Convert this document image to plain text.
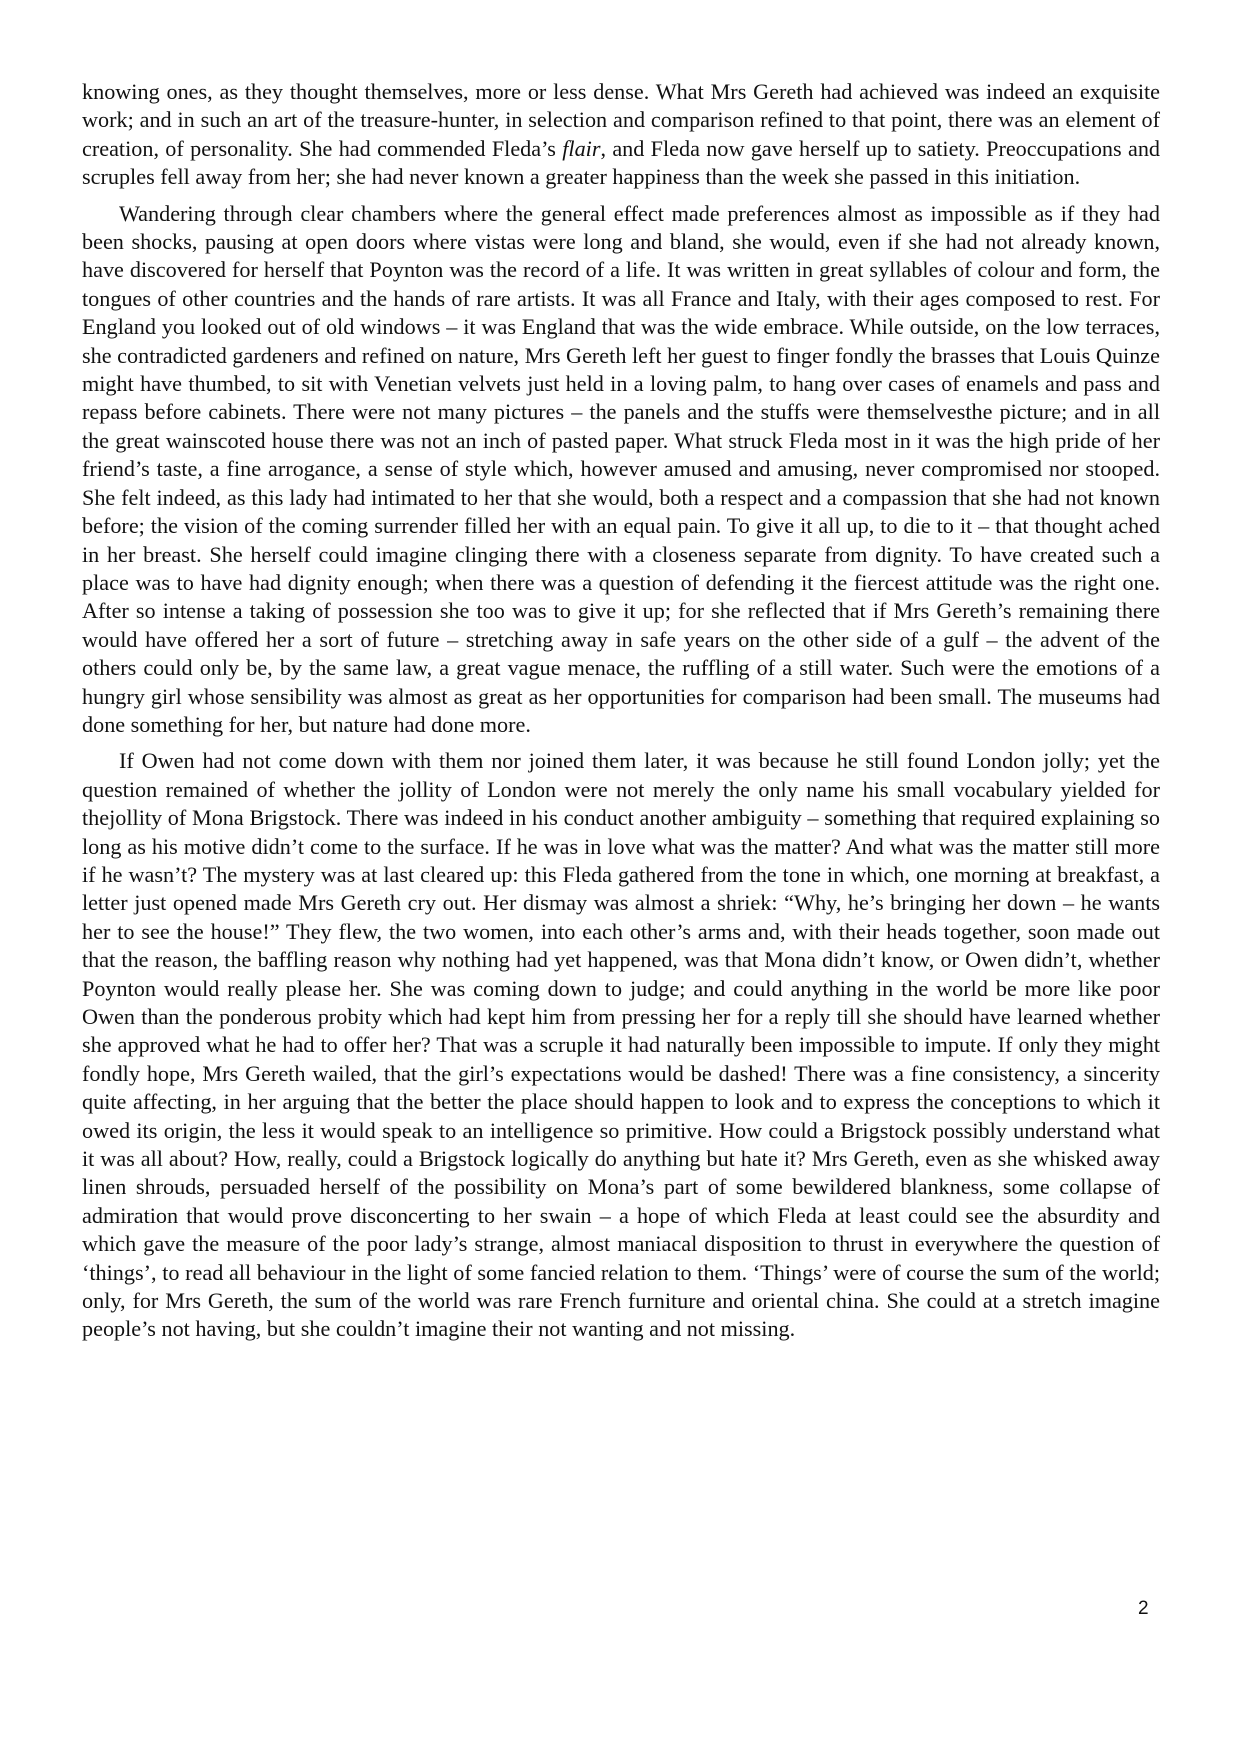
knowing ones, as they thought themselves, more or less dense. What Mrs Gereth had achieved was indeed an exquisite work; and in such an art of the treasure-hunter, in selection and comparison refined to that point, there was an element of creation, of personality. She had commended Fleda’s flair, and Fleda now gave herself up to satiety. Preoccupations and scruples fell away from her; she had never known a greater happiness than the week she passed in this initiation.

Wandering through clear chambers where the general effect made preferences almost as impossible as if they had been shocks, pausing at open doors where vistas were long and bland, she would, even if she had not already known, have discovered for herself that Poynton was the record of a life. It was written in great syllables of colour and form, the tongues of other countries and the hands of rare artists. It was all France and Italy, with their ages composed to rest. For England you looked out of old windows – it was England that was the wide embrace. While outside, on the low terraces, she contradicted gardeners and refined on nature, Mrs Gereth left her guest to finger fondly the brasses that Louis Quinze might have thumbed, to sit with Venetian velvets just held in a loving palm, to hang over cases of enamels and pass and repass before cabinets. There were not many pictures – the panels and the stuffs were themselvesthe picture; and in all the great wainscoted house there was not an inch of pasted paper. What struck Fleda most in it was the high pride of her friend’s taste, a fine arrogance, a sense of style which, however amused and amusing, never compromised nor stooped. She felt indeed, as this lady had intimated to her that she would, both a respect and a compassion that she had not known before; the vision of the coming surrender filled her with an equal pain. To give it all up, to die to it – that thought ached in her breast. She herself could imagine clinging there with a closeness separate from dignity. To have created such a place was to have had dignity enough; when there was a question of defending it the fiercest attitude was the right one. After so intense a taking of possession she too was to give it up; for she reflected that if Mrs Gereth’s remaining there would have offered her a sort of future – stretching away in safe years on the other side of a gulf – the advent of the others could only be, by the same law, a great vague menace, the ruffling of a still water. Such were the emotions of a hungry girl whose sensibility was almost as great as her opportunities for comparison had been small. The museums had done something for her, but nature had done more.

If Owen had not come down with them nor joined them later, it was because he still found London jolly; yet the question remained of whether the jollity of London were not merely the only name his small vocabulary yielded for thejollity of Mona Brigstock. There was indeed in his conduct another ambiguity – something that required explaining so long as his motive didn’t come to the surface. If he was in love what was the matter? And what was the matter still more if he wasn’t? The mystery was at last cleared up: this Fleda gathered from the tone in which, one morning at breakfast, a letter just opened made Mrs Gereth cry out. Her dismay was almost a shriek: “Why, he’s bringing her down – he wants her to see the house!” They flew, the two women, into each other’s arms and, with their heads together, soon made out that the reason, the baffling reason why nothing had yet happened, was that Mona didn’t know, or Owen didn’t, whether Poynton would really please her. She was coming down to judge; and could anything in the world be more like poor Owen than the ponderous probity which had kept him from pressing her for a reply till she should have learned whether she approved what he had to offer her? That was a scruple it had naturally been impossible to impute. If only they might fondly hope, Mrs Gereth wailed, that the girl’s expectations would be dashed! There was a fine consistency, a sincerity quite affecting, in her arguing that the better the place should happen to look and to express the conceptions to which it owed its origin, the less it would speak to an intelligence so primitive. How could a Brigstock possibly understand what it was all about? How, really, could a Brigstock logically do anything but hate it? Mrs Gereth, even as she whisked away linen shrouds, persuaded herself of the possibility on Mona’s part of some bewildered blankness, some collapse of admiration that would prove disconcerting to her swain – a hope of which Fleda at least could see the absurdity and which gave the measure of the poor lady’s strange, almost maniacal disposition to thrust in everywhere the question of ‘things’, to read all behaviour in the light of some fancied relation to them. ‘Things’ were of course the sum of the world; only, for Mrs Gereth, the sum of the world was rare French furniture and oriental china. She could at a stretch imagine people’s not having, but she couldn’t imagine their not wanting and not missing.

2
